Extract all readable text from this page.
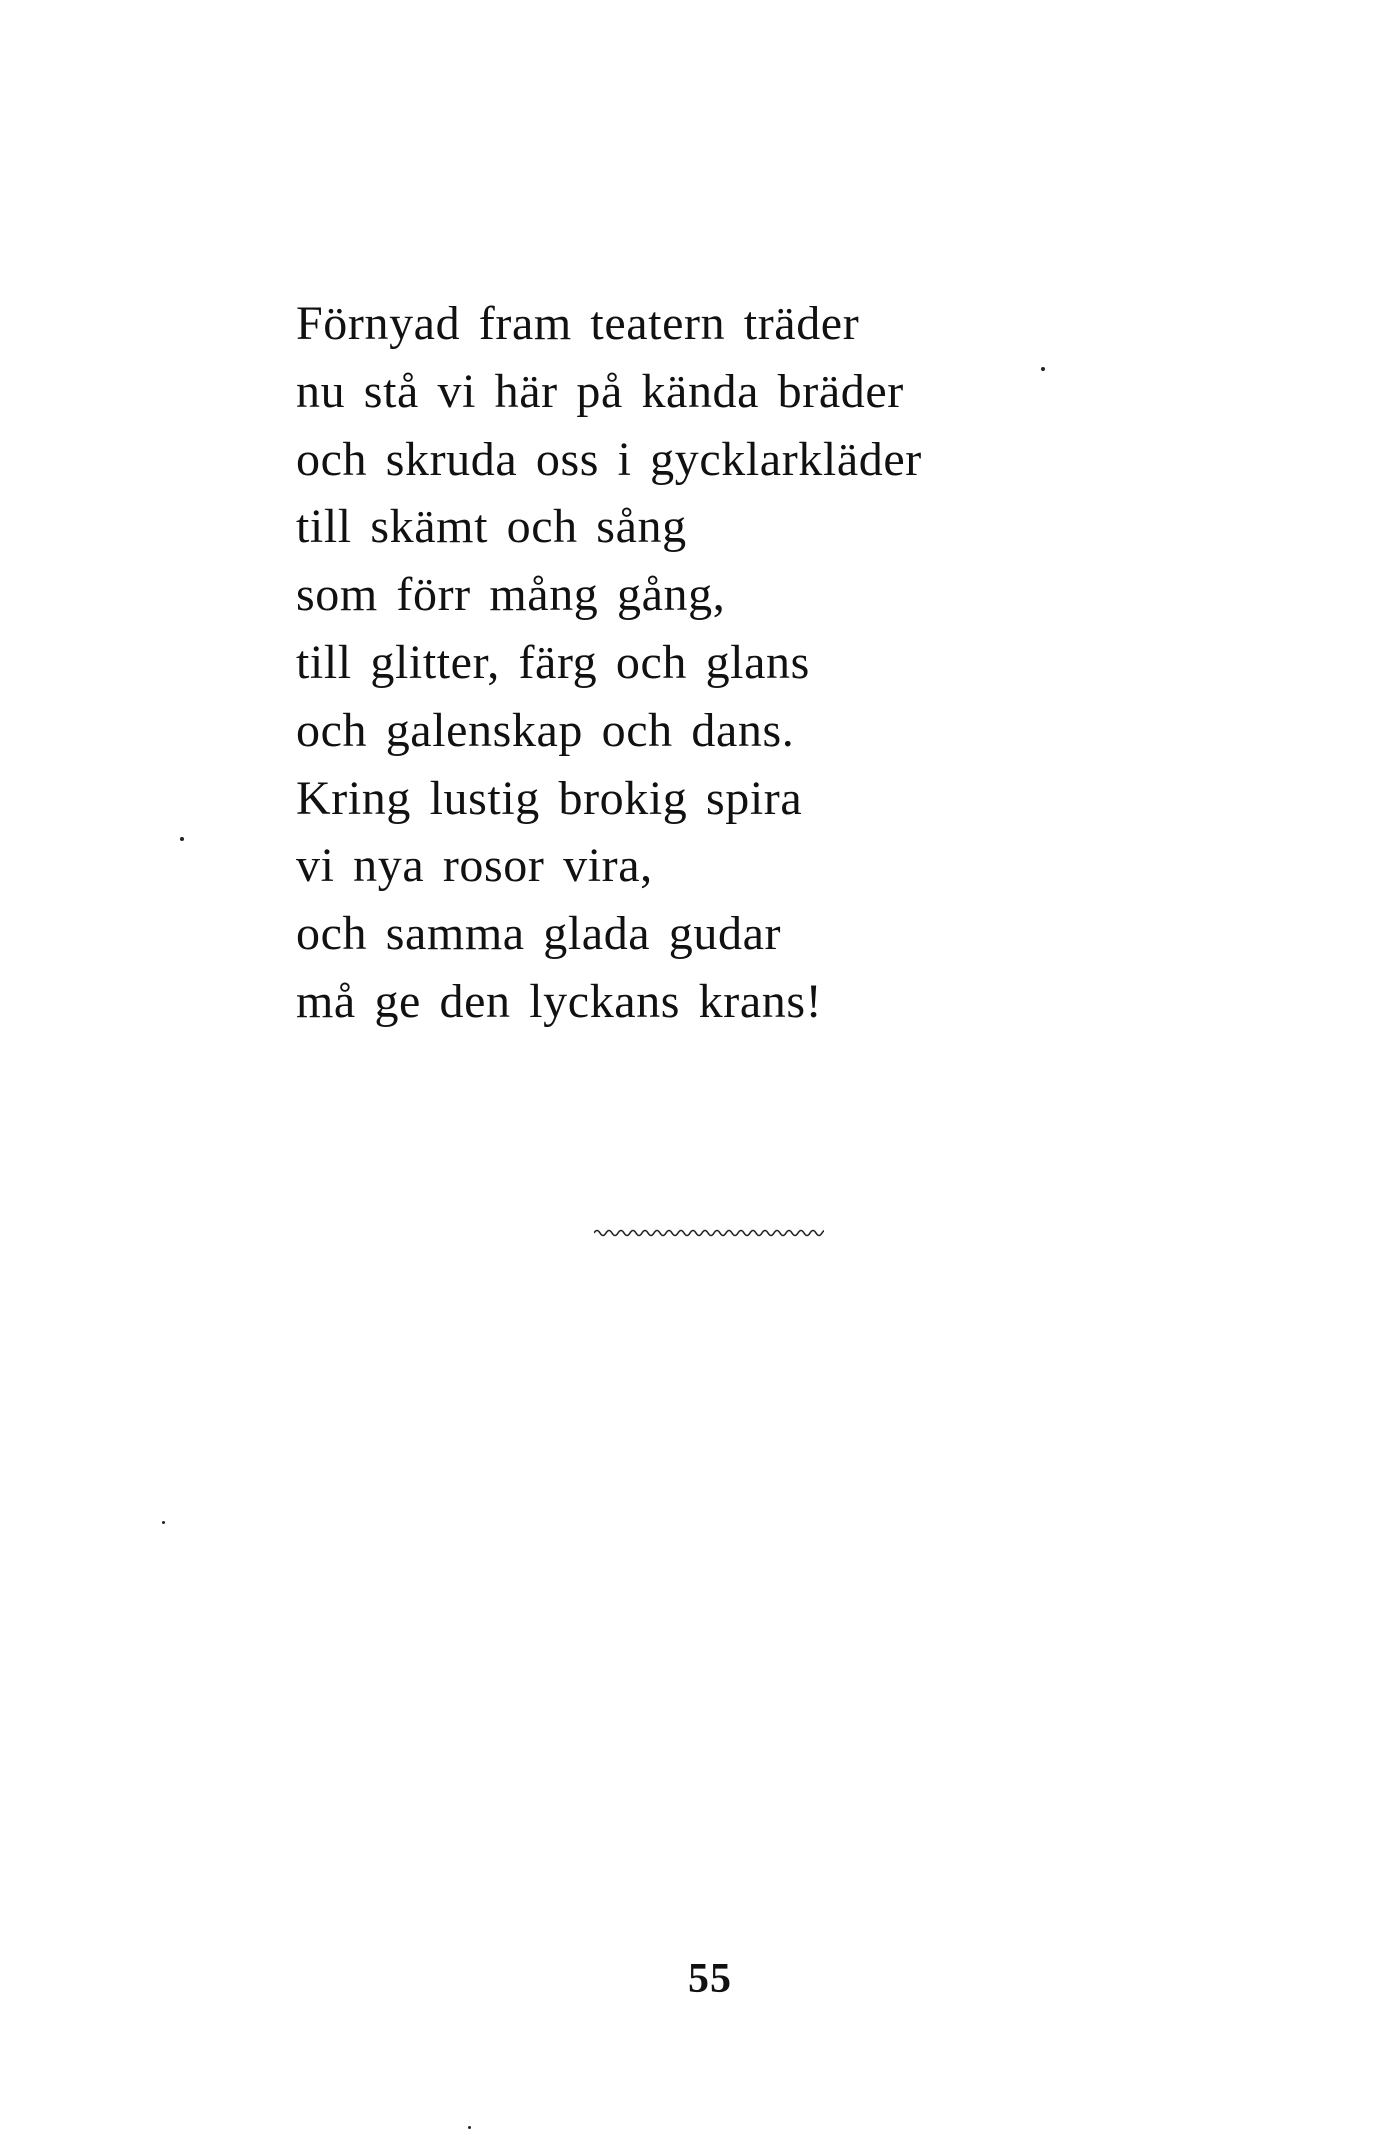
Förnyad fram teatern träder
nu stå vi här på kända bräder
och skruda oss i gycklarkläder
till skämt och sång
som förr mång gång,
till glitter, färg och glans
och galenskap och dans.
Kring lustig brokig spira
vi nya rosor vira,
och samma glada gudar
må ge den lyckans krans!
55
